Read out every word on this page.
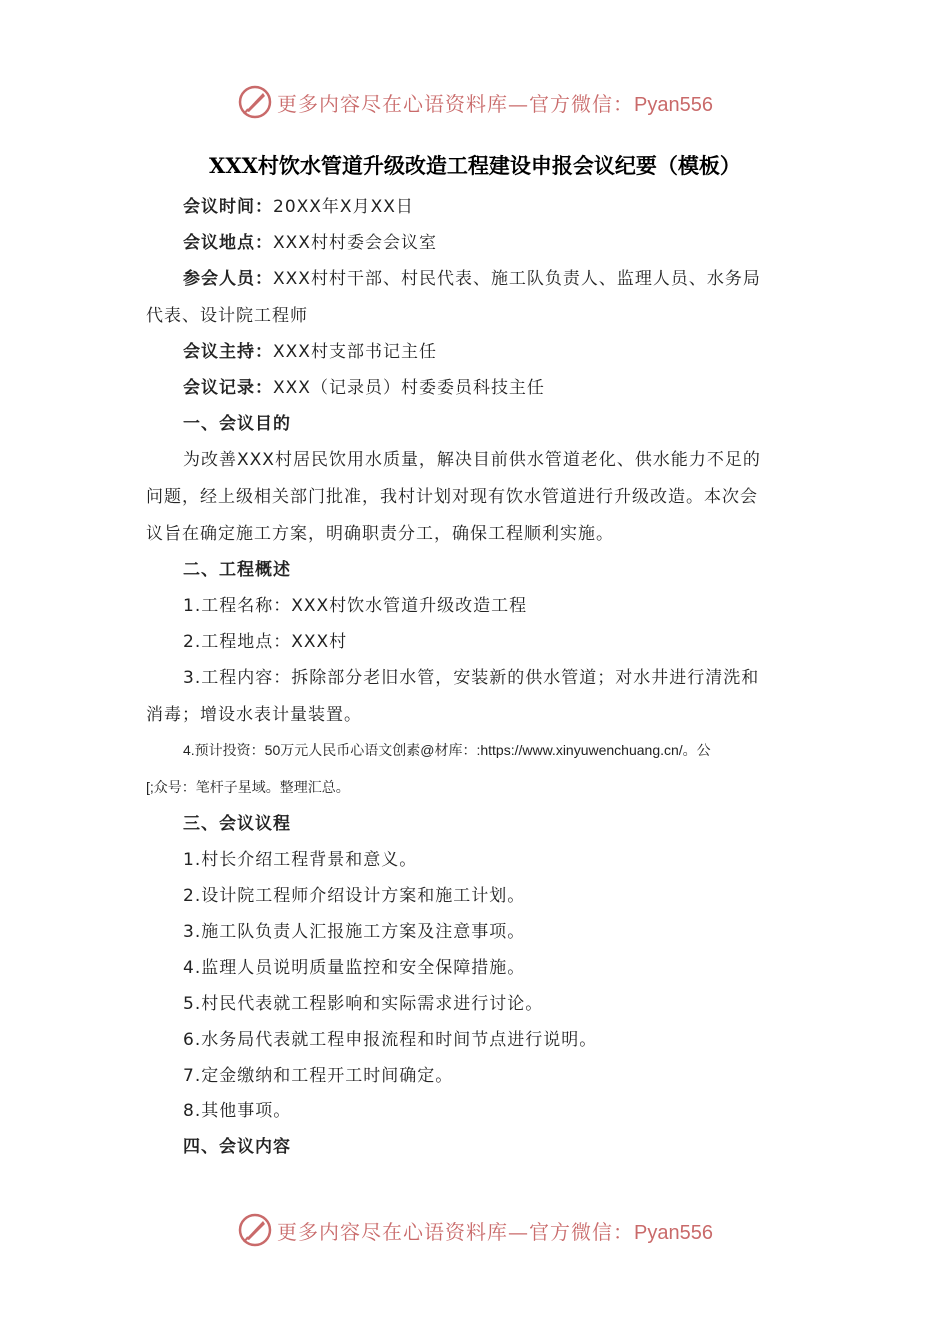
更多内容尽在心语资料库—官方微信：Pyan556
XXX村饮水管道升级改造工程建设申报会议纪要（模板）
会议时间：20XX年X月XX日
会议地点：XXX村村委会会议室
参会人员：XXX村村干部、村民代表、施工队负责人、监理人员、水务局
代表、设计院工程师
会议主持：XXX村支部书记主任
会议记录：XXX（记录员）村委委员科技主任
一、会议目的
为改善XXX村居民饮用水质量，解决目前供水管道老化、供水能力不足的
问题，经上级相关部门批准，我村计划对现有饮水管道进行升级改造。本次会
议旨在确定施工方案，明确职责分工，确保工程顺利实施。
二、工程概述
1.工程名称：XXX村饮水管道升级改造工程
2.工程地点：XXX村
3.工程内容：拆除部分老旧水管，安装新的供水管道；对水井进行清洗和
消毒；增设水表计量装置。
4.预计投资：50万元人民币心语文创素@材库：:https://www.xinyuwenchuang.cn/。公
[;众号：笔杆子星域。整理汇总。
三、会议议程
1.村长介绍工程背景和意义。
2.设计院工程师介绍设计方案和施工计划。
3.施工队负责人汇报施工方案及注意事项。
4.监理人员说明质量监控和安全保障措施。
5.村民代表就工程影响和实际需求进行讨论。
6.水务局代表就工程申报流程和时间节点进行说明。
7.定金缴纳和工程开工时间确定。
8.其他事项。
四、会议内容
更多内容尽在心语资料库—官方微信：Pyan556
